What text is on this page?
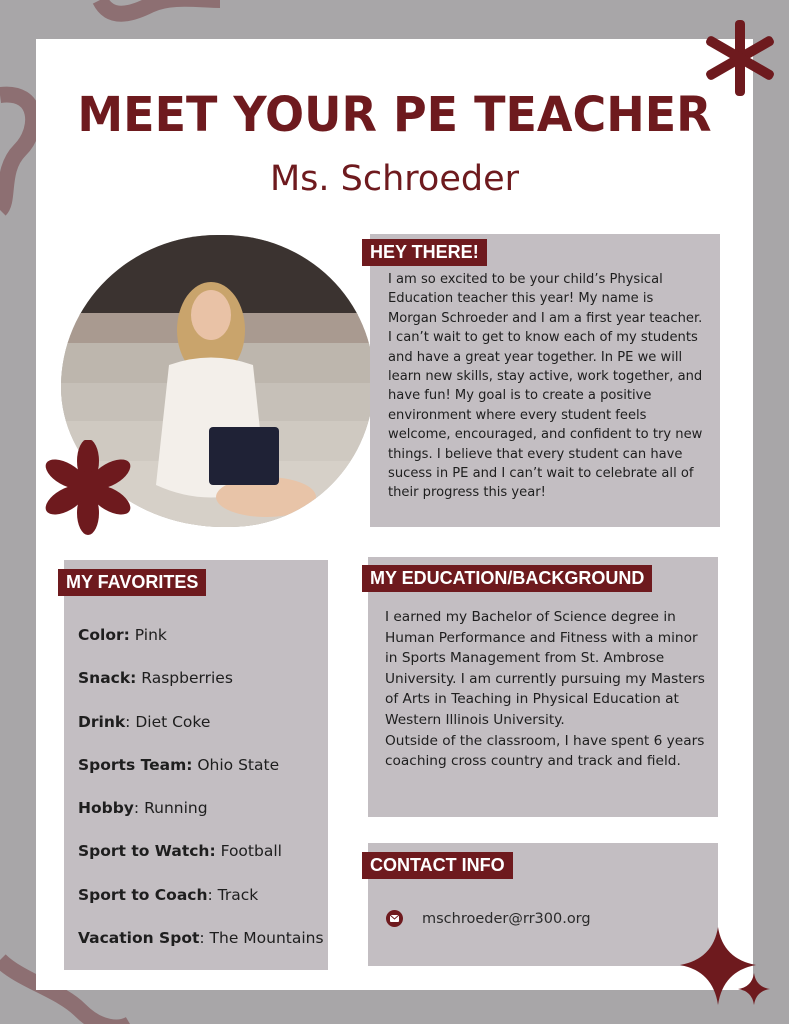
MEET YOUR PE TEACHER
Ms. Schroeder
HEY THERE!

I am so excited to be your child’s Physical Education teacher this year! My name is Morgan Schroeder and I am a first year teacher. I can’t wait to get to know each of my students and have a great year together. In PE we will learn new skills, stay active, work together, and have fun! My goal is to create a positive environment where every student feels welcome, encouraged, and confident to try new things. I believe that every student can have sucess in PE and I can’t wait to celebrate all of their progress this year!

MY FAVORITES
Color: Pink
Snack: Raspberries
Drink: Diet Coke
Sports Team: Ohio State
Hobby: Running
Sport to Watch: Football
Sport to Coach: Track
Vacation Spot: The Mountains
MY EDUCATION/BACKGROUND

I earned my Bachelor of Science degree in Human Performance and Fitness with a minor in Sports Management from St. Ambrose University. I am currently pursuing my Masters of Arts in Teaching in Physical Education at Western Illinois University.

Outside of the classroom, I have spent 6 years coaching cross country and track and field.

CONTACT INFO
mschroeder@rr300.org
